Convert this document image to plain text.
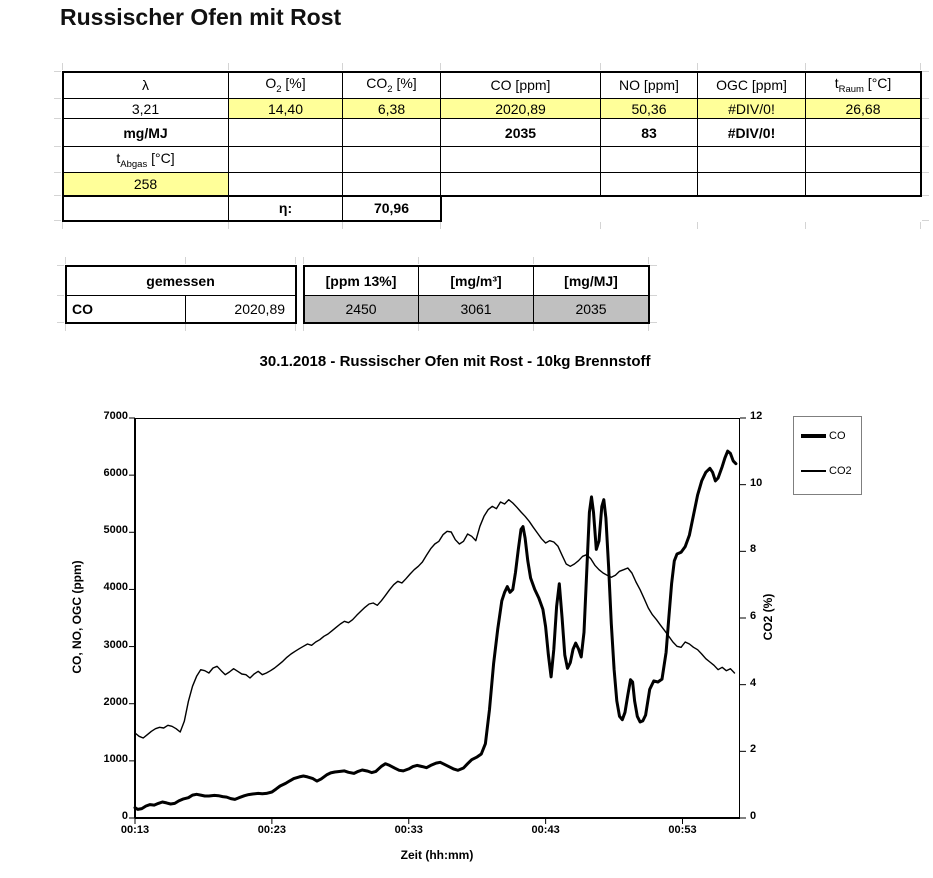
Russischer Ofen mit Rost
λ	$O_2$ [%]	$CO_2$ [%]	CO [ppm]	NO [ppm]	OGC [ppm]	$t_{Raum}$ [°C]
3,21	14,40	6,38	2020,89	50,36	#DIV/0!	26,68
mg/MJ			2035	83	#DIV/0!	
$t_{Abgas}$ [°C]						
258						
	η:	70,96				
gemessen			[ppm 13%]	[mg/m³]	[mg/MJ]
CO	2020,89		2450	3061	2035
30.1.2018 - Russischer Ofen mit Rost - 10kg Brennstoff
CO, NO, OGC (ppm)	CO2 (%)
Zeit (hh:mm)
CO
CO2
0
1000
2000
3000
4000
5000
6000
7000
0
2
4
6
8
10
12
00:13	00:23	00:33	00:43	00:53
